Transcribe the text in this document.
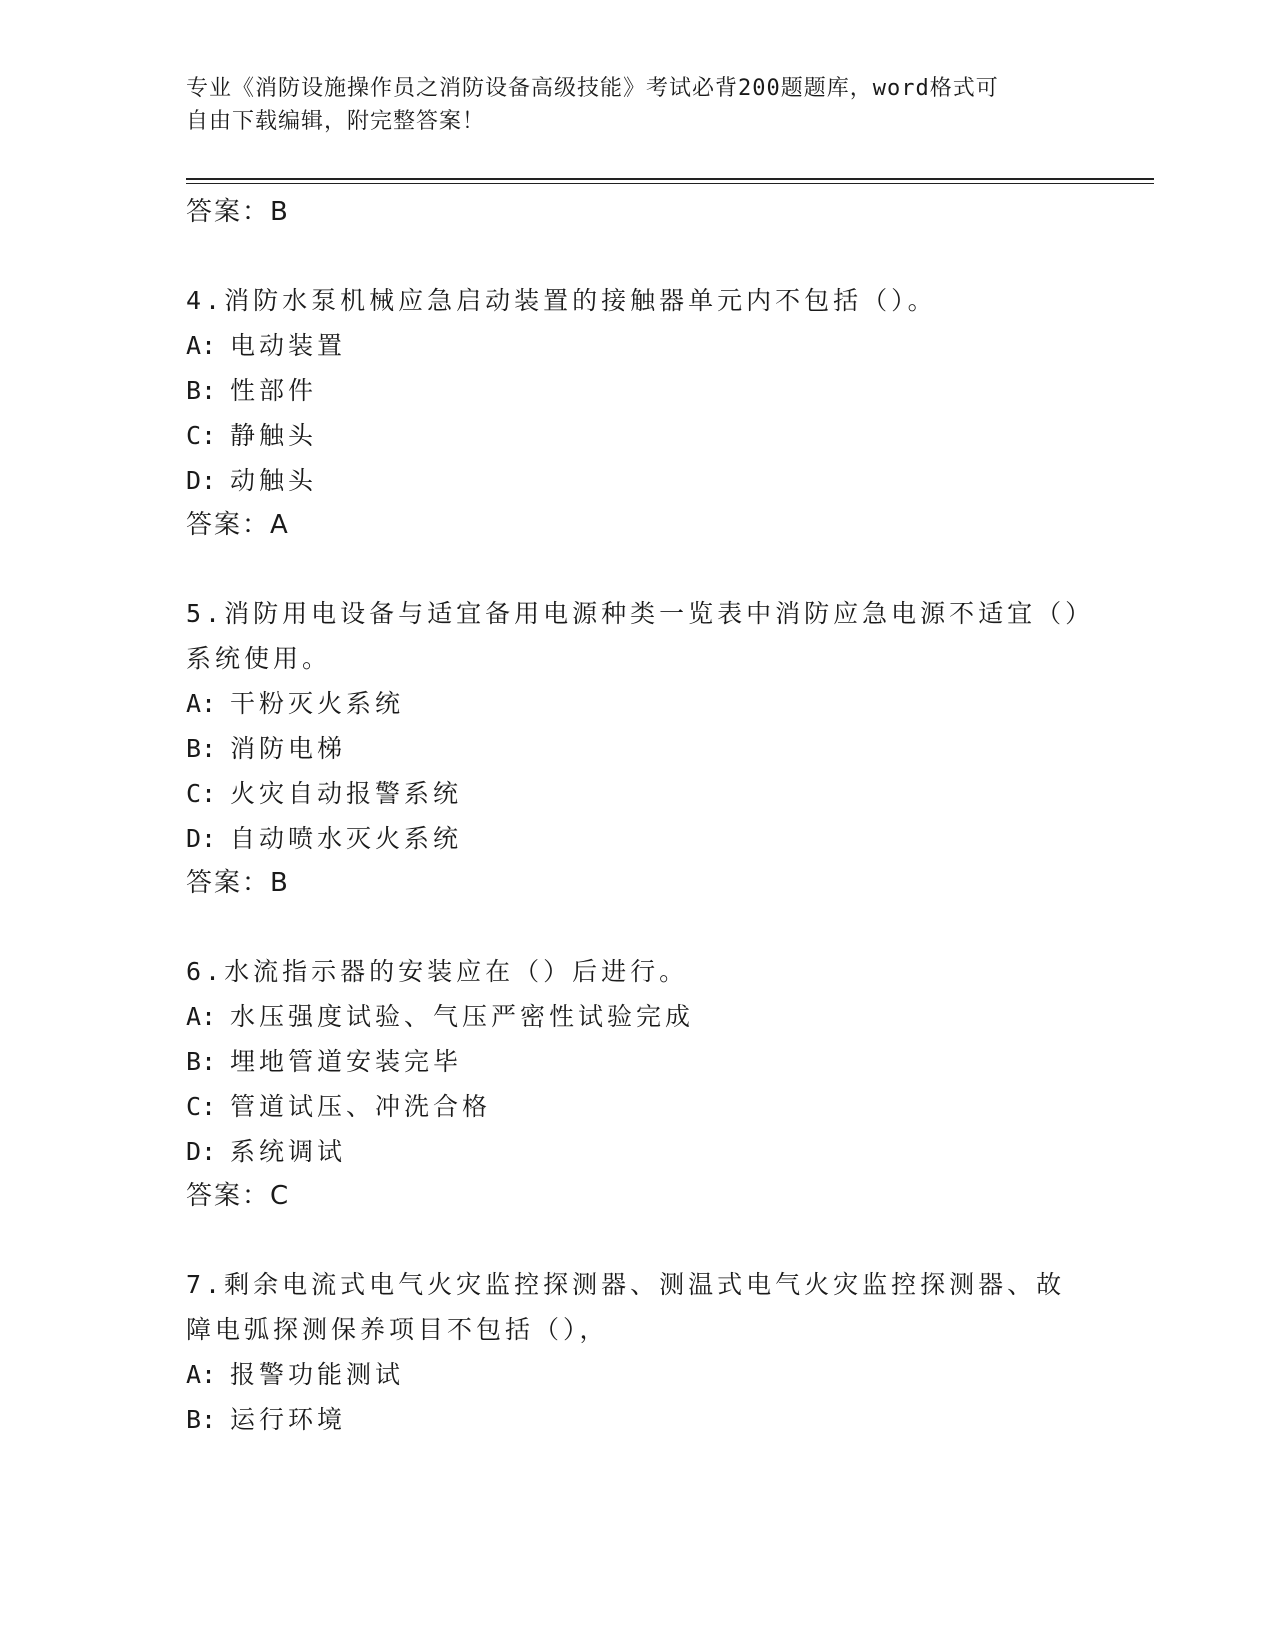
专业《消防设施操作员之消防设备高级技能》考试必背200题题库，word格式可
自由下载编辑，附完整答案！
答案：B
4.消防水泵机械应急启动装置的接触器单元内不包括（）。
A: 电动装置
B: 性部件
C: 静触头
D: 动触头
答案：A
5.消防用电设备与适宜备用电源种类一览表中消防应急电源不适宜（）系统使用。
A: 干粉灭火系统
B: 消防电梯
C: 火灾自动报警系统
D: 自动喷水灭火系统
答案：B
6.水流指示器的安装应在（）后进行。
A: 水压强度试验、气压严密性试验完成
B: 埋地管道安装完毕
C: 管道试压、冲洗合格
D: 系统调试
答案：C
7.剩余电流式电气火灾监控探测器、测温式电气火灾监控探测器、故障电弧探测保养项目不包括（），
A: 报警功能测试
B: 运行环境
